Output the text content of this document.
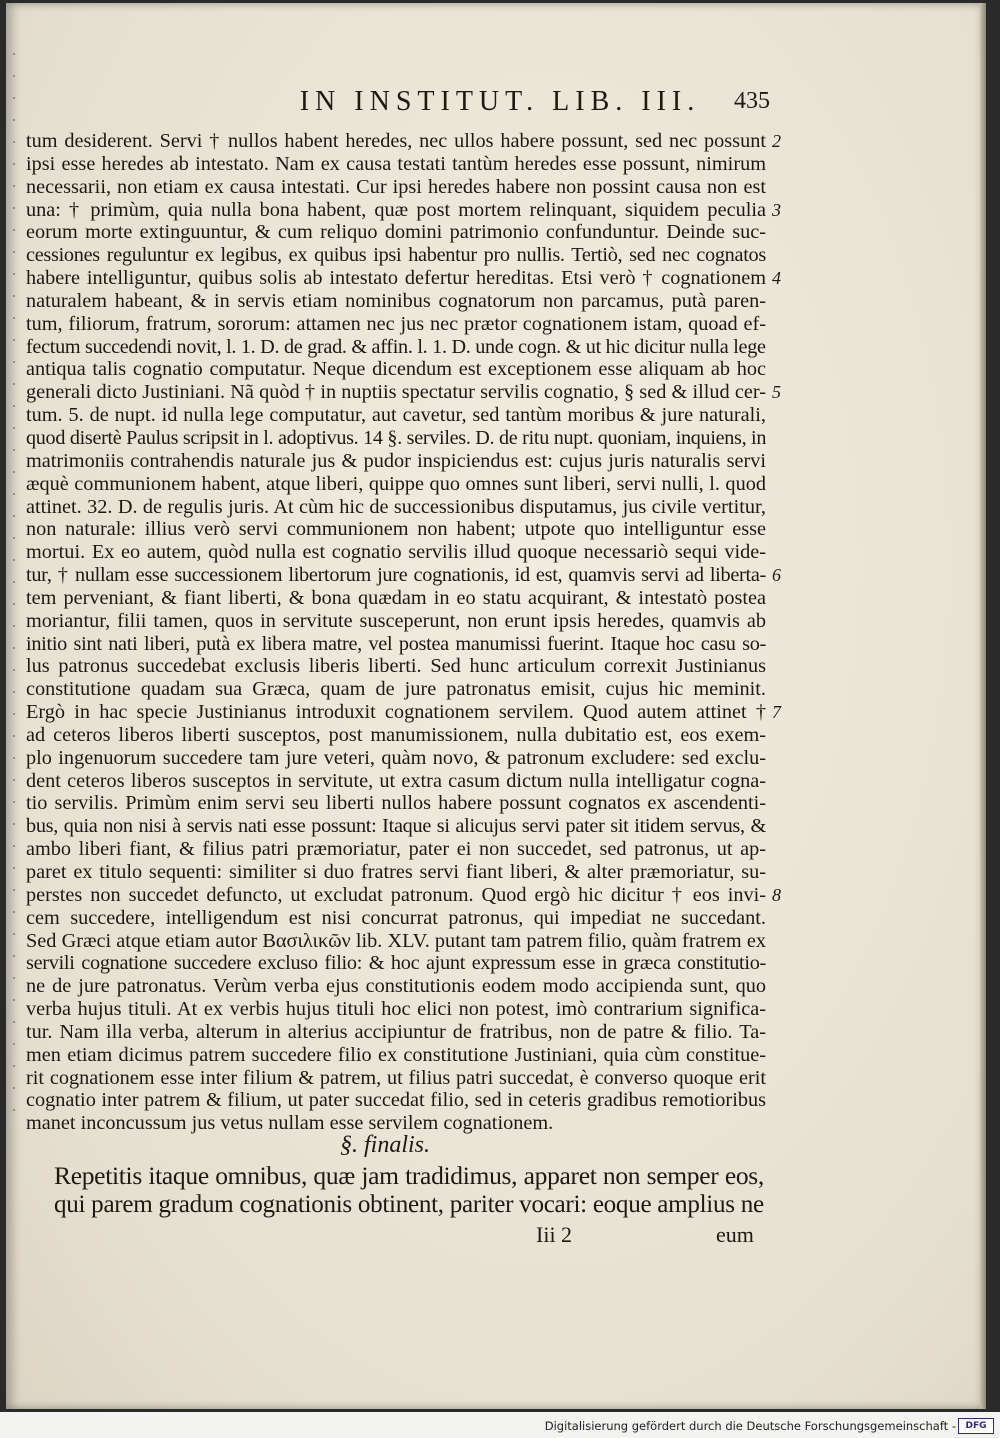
IN INSTITUT. LIB. III.	435
tum desiderent. Servi † nullos habent heredes, nec ullos habere possunt, sed nec possunt
ipsi esse heredes ab intestato. Nam ex causa testati tantùm heredes esse possunt, nimirum
necessarii, non etiam ex causa intestati. Cur ipsi heredes habere non possint causa non est
una: † primùm, quia nulla bona habent, quæ post mortem relinquant, siquidem peculia
eorum morte extinguuntur, & cum reliquo domini patrimonio confunduntur. Deinde suc-
cessiones reguluntur ex legibus, ex quibus ipsi habentur pro nullis. Tertiò, sed nec cognatos
habere intelliguntur, quibus solis ab intestato defertur hereditas. Etsi verò † cognationem
naturalem habeant, & in servis etiam nominibus cognatorum non parcamus, putà paren-
tum, filiorum, fratrum, sororum: attamen nec jus nec prætor cognationem istam, quoad ef-
fectum succedendi novit, l. 1. D. de grad. & affin. l. 1. D. unde cogn. & ut hic dicitur nulla lege
antiqua talis cognatio computatur. Neque dicendum est exceptionem esse aliquam ab hoc
generali dicto Justiniani. Nã quòd † in nuptiis spectatur servilis cognatio, § sed & illud cer-
tum. 5. de nupt. id nulla lege computatur, aut cavetur, sed tantùm moribus & jure naturali,
quod disertè Paulus scripsit in l. adoptivus. 14 §. serviles. D. de ritu nupt. quoniam, inquiens, in
matrimoniis contrahendis naturale jus & pudor inspiciendus est: cujus juris naturalis servi
æquè communionem habent, atque liberi, quippe quo omnes sunt liberi, servi nulli, l. quod
attinet. 32. D. de regulis juris. At cùm hic de successionibus disputamus, jus civile vertitur,
non naturale: illius verò servi communionem non habent; utpote quo intelliguntur esse
mortui. Ex eo autem, quòd nulla est cognatio servilis illud quoque necessariò sequi vide-
tur, † nullam esse successionem libertorum jure cognationis, id est, quamvis servi ad liberta-
tem perveniant, & fiant liberti, & bona quædam in eo statu acquirant, & intestatò postea
moriantur, filii tamen, quos in servitute susceperunt, non erunt ipsis heredes, quamvis ab
initio sint nati liberi, putà ex libera matre, vel postea manumissi fuerint. Itaque hoc casu so-
lus patronus succedebat exclusis liberis liberti. Sed hunc articulum correxit Justinianus
constitutione quadam sua Græca, quam de jure patronatus emisit, cujus hic meminit.
Ergò in hac specie Justinianus introduxit cognationem servilem. Quod autem attinet †
ad ceteros liberos liberti susceptos, post manumissionem, nulla dubitatio est, eos exem-
plo ingenuorum succedere tam jure veteri, quàm novo, & patronum excludere: sed exclu-
dent ceteros liberos susceptos in servitute, ut extra casum dictum nulla intelligatur cogna-
tio servilis. Primùm enim servi seu liberti nullos habere possunt cognatos ex ascendenti-
bus, quia non nisi à servis nati esse possunt: Itaque si alicujus servi pater sit itidem servus, &
ambo liberi fiant, & filius patri præmoriatur, pater ei non succedet, sed patronus, ut ap-
paret ex titulo sequenti: similiter si duo fratres servi fiant liberi, & alter præmoriatur, su-
perstes non succedet defuncto, ut excludat patronum. Quod ergò hic dicitur † eos invi-
cem succedere, intelligendum est nisi concurrat patronus, qui impediat ne succedant.
Sed Græci atque etiam autor Βασιλικῶν lib. XLV. putant tam patrem filio, quàm fratrem ex
servili cognatione succedere excluso filio: & hoc ajunt expressum esse in græca constitutio-
ne de jure patronatus. Verùm verba ejus constitutionis eodem modo accipienda sunt, quo
verba hujus tituli. At ex verbis hujus tituli hoc elici non potest, imò contrarium significa-
tur. Nam illa verba, alterum in alterius accipiuntur de fratribus, non de patre & filio. Ta-
men etiam dicimus patrem succedere filio ex constitutione Justiniani, quia cùm constitue-
rit cognationem esse inter filium & patrem, ut filius patri succedat, è converso quoque erit
cognatio inter patrem & filium, ut pater succedat filio, sed in ceteris gradibus remotioribus
manet inconcussum jus vetus nullam esse servilem cognationem.
2
3
4
5
6
7
8
§. finalis.
Repetitis itaque omnibus, quæ jam tradidimus, apparet non semper eos,
qui parem gradum cognationis obtinent, pariter vocari: eoque amplius ne
Iii 2	eum
Digitalisierung gefördert durch die Deutsche Forschungsgemeinschaft -	DFG
